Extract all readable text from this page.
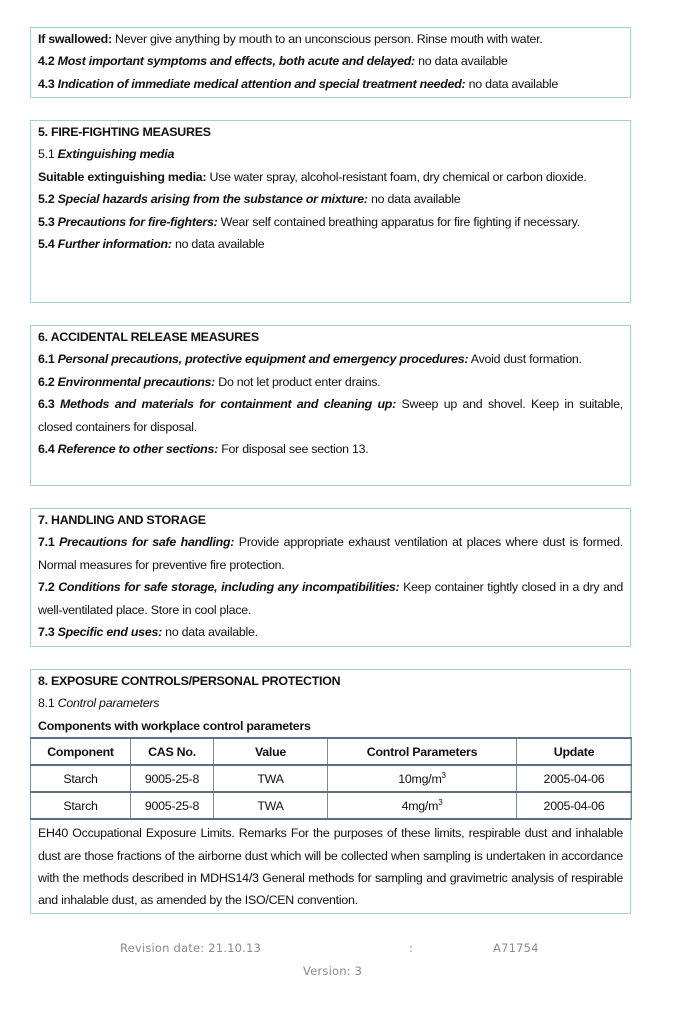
If swallowed: Never give anything by mouth to an unconscious person. Rinse mouth with water.

4.2 Most important symptoms and effects, both acute and delayed: no data available

4.3 Indication of immediate medical attention and special treatment needed: no data available

5. FIRE-FIGHTING MEASURES

5.1 Extinguishing media

Suitable extinguishing media: Use water spray, alcohol-resistant foam, dry chemical or carbon dioxide.

5.2 Special hazards arising from the substance or mixture: no data available

5.3 Precautions for fire-fighters: Wear self contained breathing apparatus for fire fighting if necessary.

5.4 Further information: no data available

6. ACCIDENTAL RELEASE MEASURES

6.1 Personal precautions, protective equipment and emergency procedures: Avoid dust formation.

6.2 Environmental precautions: Do not let product enter drains.

6.3 Methods and materials for containment and cleaning up: Sweep up and shovel. Keep in suitable, closed containers for disposal.

6.4 Reference to other sections: For disposal see section 13.

7. HANDLING AND STORAGE

7.1 Precautions for safe handling: Provide appropriate exhaust ventilation at places where dust is formed. Normal measures for preventive fire protection.

7.2 Conditions for safe storage, including any incompatibilities: Keep container tightly closed in a dry and well-ventilated place. Store in cool place.

7.3 Specific end uses: no data available.

8. EXPOSURE CONTROLS/PERSONAL PROTECTION

8.1 Control parameters

Components with workplace control parameters

Component	CAS No.	Value	Control Parameters	Update
Starch	9005-25-8	TWA	$10mg/m^3$	2005-04-06
Starch	9005-25-8	TWA	$4mg/m^3$	2005-04-06

EH40 Occupational Exposure Limits. Remarks For the purposes of these limits, respirable dust and inhalable dust are those fractions of the airborne dust which will be collected when sampling is undertaken in accordance with the methods described in MDHS14/3 General methods for sampling and gravimetric analysis of respirable and inhalable dust, as amended by the ISO/CEN convention.

Revision date: 21.10.13	:	A71754
Version: 3
